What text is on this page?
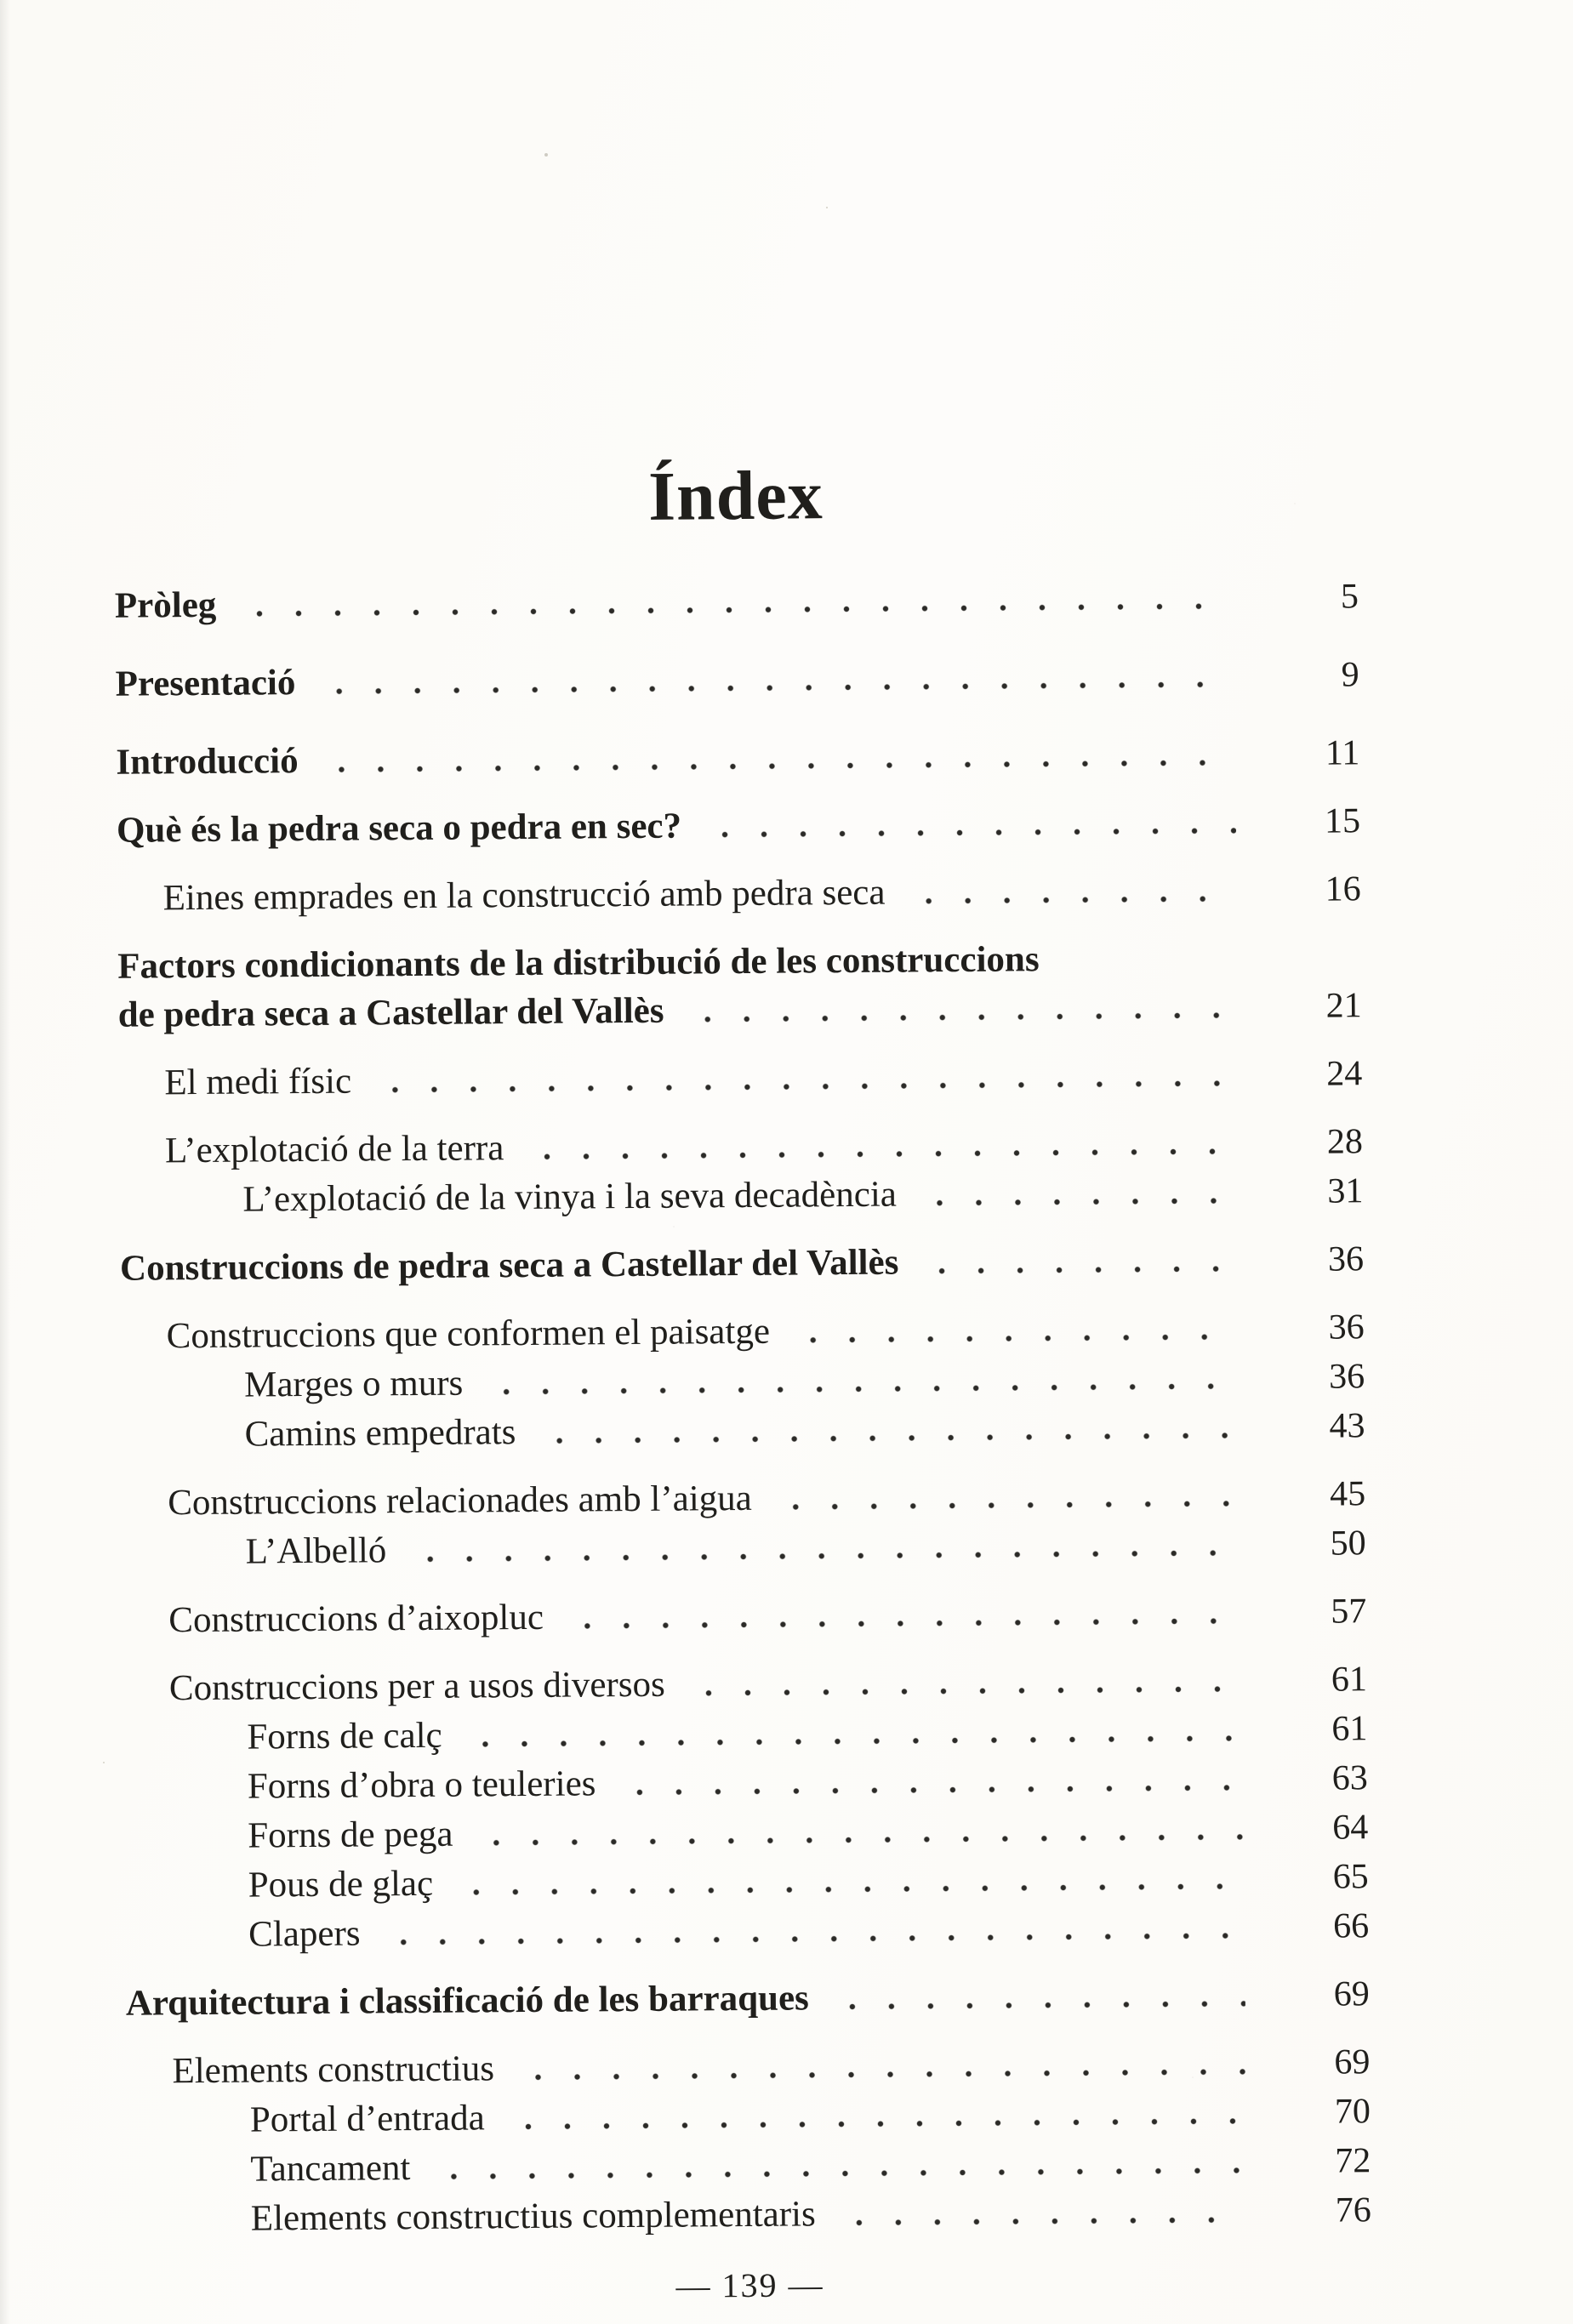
Índex
Pròleg	5
Presentació	9
Introducció	11
Què és la pedra seca o pedra en sec?	15
Eines emprades en la construcció amb pedra seca	16
Factors condicionants de la distribució de les construccions
de pedra seca a Castellar del Vallès	21
El medi físic	24
L’explotació de la terra	28
L’explotació de la vinya i la seva decadència	31
Construccions de pedra seca a Castellar del Vallès	36
Construccions que conformen el paisatge	36
Marges o murs	36
Camins empedrats	43
Construccions relacionades amb l’aigua	45
L’Albelló	50
Construccions d’aixopluc	57
Construccions per a usos diversos	61
Forns de calç	61
Forns d’obra o teuleries	63
Forns de pega	64
Pous de glaç	65
Clapers	66
Arquitectura i classificació de les barraques	69
Elements constructius	69
Portal d’entrada	70
Tancament	72
Elements constructius complementaris	76
— 139 —
